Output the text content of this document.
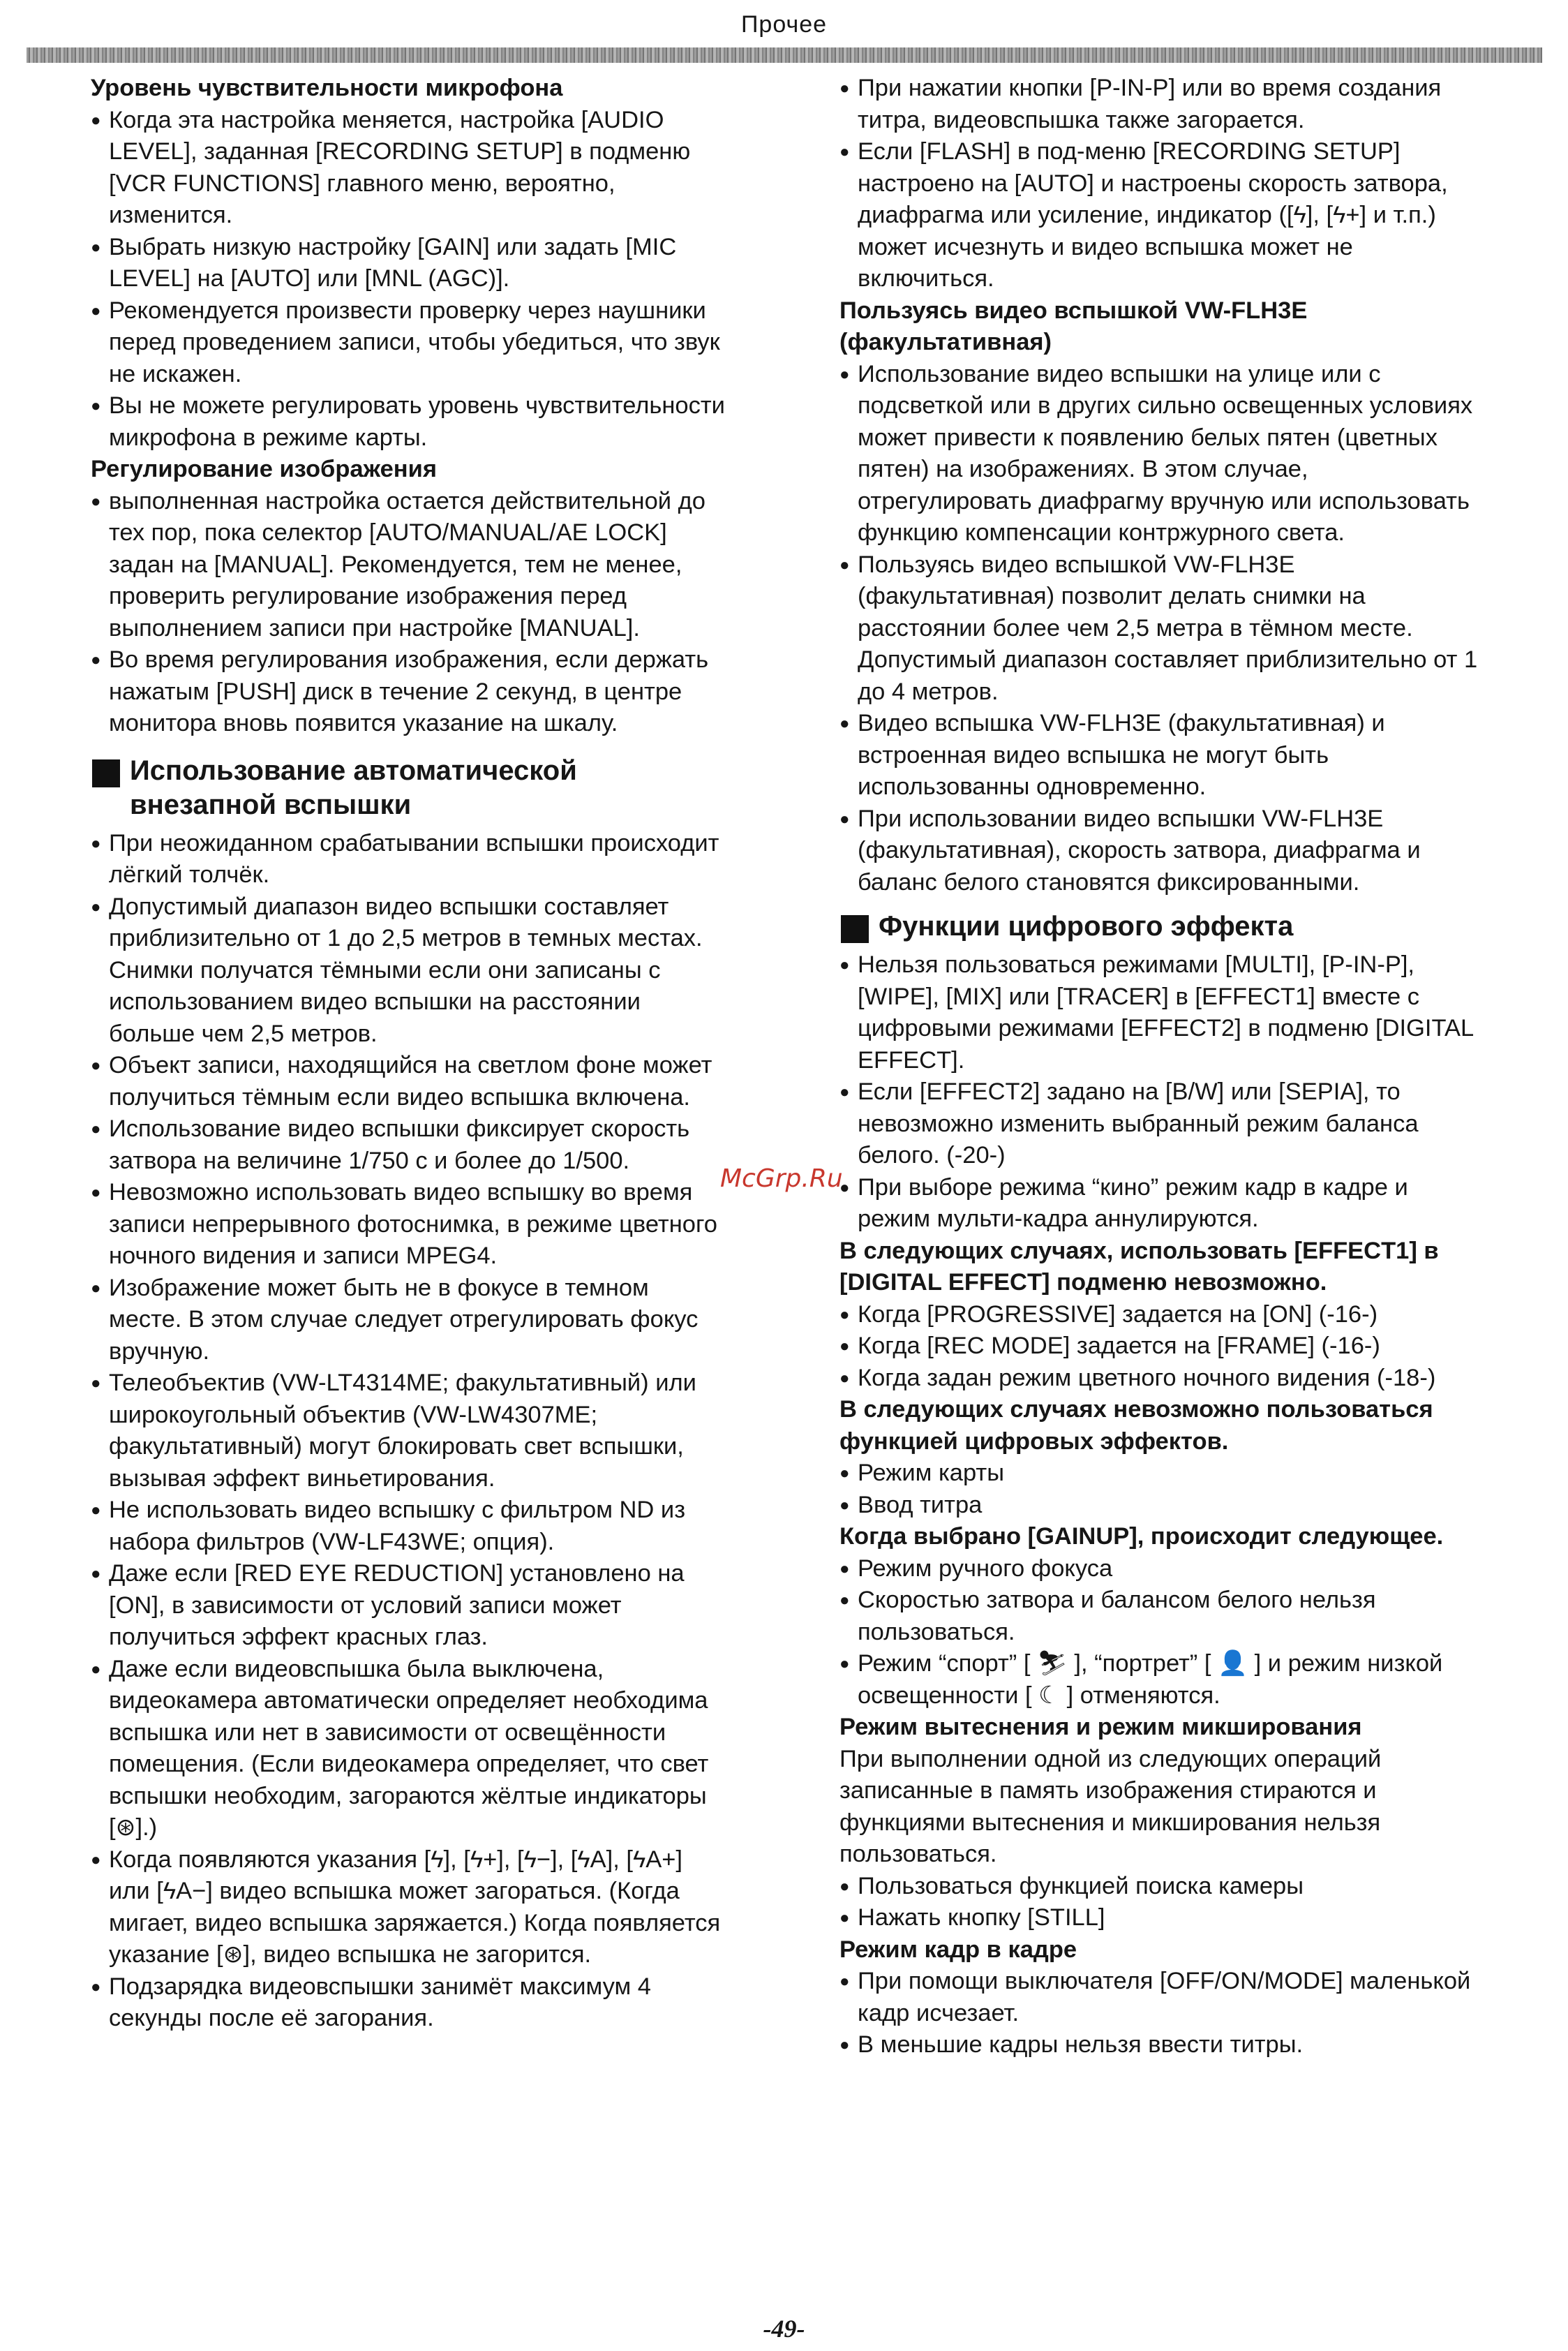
Прочее
Уровень чувствительности микрофона
● Когда эта настройка меняется, настройка [AUDIO LEVEL], заданная [RECORDING SETUP] в подменю [VCR FUNCTIONS] главного меню, вероятно, изменится.
● Выбрать низкую настройку [GAIN] или задать [MIC LEVEL] на [AUTO] или [MNL (AGC)].
● Рекомендуется произвести проверку через наушники перед проведением записи, чтобы убедиться, что звук не искажен.
● Вы не можете регулировать уровень чувствительности микрофона в режиме карты.
Регулирование изображения
● выполненная настройка остается действительной до тех пор, пока селектор [AUTO/MANUAL/AE LOCK] задан на [MANUAL]. Рекомендуется, тем не менее, проверить регулирование изображения перед выполнением записи при настройке [MANUAL].
● Во время регулирования изображения, если держать нажатым [PUSH] диск в течение 2 секунд, в центре монитора вновь появится указание на шкалу.
Использование автоматической
внезапной вспышки
● При неожиданном срабатывании вспышки происходит лёгкий толчёк.
● Допустимый диапазон видео вспышки составляет приблизительно от 1 до 2,5 метров в темных местах. Снимки получатся тёмными если они записаны с использованием видео вспышки на расстоянии больше чем 2,5 метров.
● Объект записи, находящийся на светлом фоне может получиться тёмным если видео вспышка включена.
● Использование видео вспышки фиксирует скорость затвора на величине 1/750 с и более до 1/500.
● Невозможно использовать видео вспышку во время записи непрерывного фотоснимка, в режиме цветного ночного видения и записи MPEG4.
● Изображение может быть не в фокусе в темном месте. В этом случае следует отрегулировать фокус вручную.
● Телеобъектив (VW-LT4314ME; факультативный) или широкоугольный объектив (VW-LW4307ME; факультативный) могут блокировать свет вспышки, вызывая эффект виньетирования.
● Не использовать видео вспышку с фильтром ND из набора фильтров (VW-LF43WE; опция).
● Даже если [RED EYE REDUCTION] установлено на [ON], в зависимости от условий записи может получиться эффект красных глаз.
● Даже если видеовспышка была выключена, видеокамера автоматически определяет необходима вспышка или нет в зависимости от освещённости помещения. (Если видеокамера определяет, что свет вспышки необходим, загораются жёлтые индикаторы [⊛].)
● Когда появляются указания [ϟ], [ϟ+], [ϟ−], [ϟA], [ϟA+] или [ϟA−] видео вспышка может загораться. (Когда мигает, видео вспышка заряжается.) Когда появляется указание [⊛], видео вспышка не загорится.
● Подзарядка видеовспышки занимёт максимум 4 секунды после её загорания.
● При нажатии кнопки [P-IN-P] или во время создания титра, видеовспышка также загорается.
● Если [FLASH] в под-меню [RECORDING SETUP] настроено на [AUTO] и настроены скорость затвора, диафрагма или усиление, индикатор ([ϟ], [ϟ+] и т.п.) может исчезнуть и видео вспышка может не включиться.
Пользуясь видео вспышкой VW-FLH3E (факультативная)
● Использование видео вспышки на улице или с подсветкой или в других сильно освещенных условиях может привести к появлению белых пятен (цветных пятен) на изображениях. В этом случае, отрегулировать диафрагму вручную или использовать функцию компенсации контржурного света.
● Пользуясь видео вспышкой VW-FLH3E (факультативная) позволит делать снимки на расстоянии более чем 2,5 метра в тёмном месте. Допустимый диапазон составляет приблизительно от 1 до 4 метров.
● Видео вспышка VW-FLH3E (факультативная) и встроенная видео вспышка не могут быть использованны одновременно.
● При использовании видео вспышки VW-FLH3E (факультативная), скорость затвора, диафрагма и баланс белого становятся фиксированными.
Функции цифрового эффекта
● Нельзя пользоваться режимами [MULTI], [P-IN-P], [WIPE], [MIX] или [TRACER] в [EFFECT1] вместе с цифровыми режимами [EFFECT2] в подменю [DIGITAL EFFECT].
● Если [EFFECT2] задано на [B/W] или [SEPIA], то невозможно изменить выбранный режим баланса белого. (-20-)
● При выборе режима “кино” режим кадр в кадре и режим мульти-кадра аннулируются.
В следующих случаях, использовать [EFFECT1] в [DIGITAL EFFECT] подменю невозможно.
● Когда [PROGRESSIVE] задается на [ON] (-16-)
● Когда [REC MODE] задается на [FRAME] (-16-)
● Когда задан режим цветного ночного видения (-18-)
В следующих случаях невозможно пользоваться функцией цифровых эффектов.
● Режим карты
● Ввод титра
Когда выбрано [GAINUP], происходит следующее.
● Режим ручного фокуса
● Скоростью затвора и балансом белого нельзя пользоваться.
● Режим “спорт” [ ⛷ ], “портрет” [ 👤 ] и режим низкой освещенности [ ☾ ] отменяются.
Режим вытеснения и режим микширования
При выполнении одной из следующих операций записанные в память изображения стираются и функциями вытеснения и микширования нельзя пользоваться.
● Пользоваться функцией поиска камеры
● Нажать кнопку [STILL]
Режим кадр в кадре
● При помощи выключателя [OFF/ON/MODE] маленькой кадр исчезает.
● В меньшие кадры нельзя ввести титры.
McGrp.Ru
-49-
